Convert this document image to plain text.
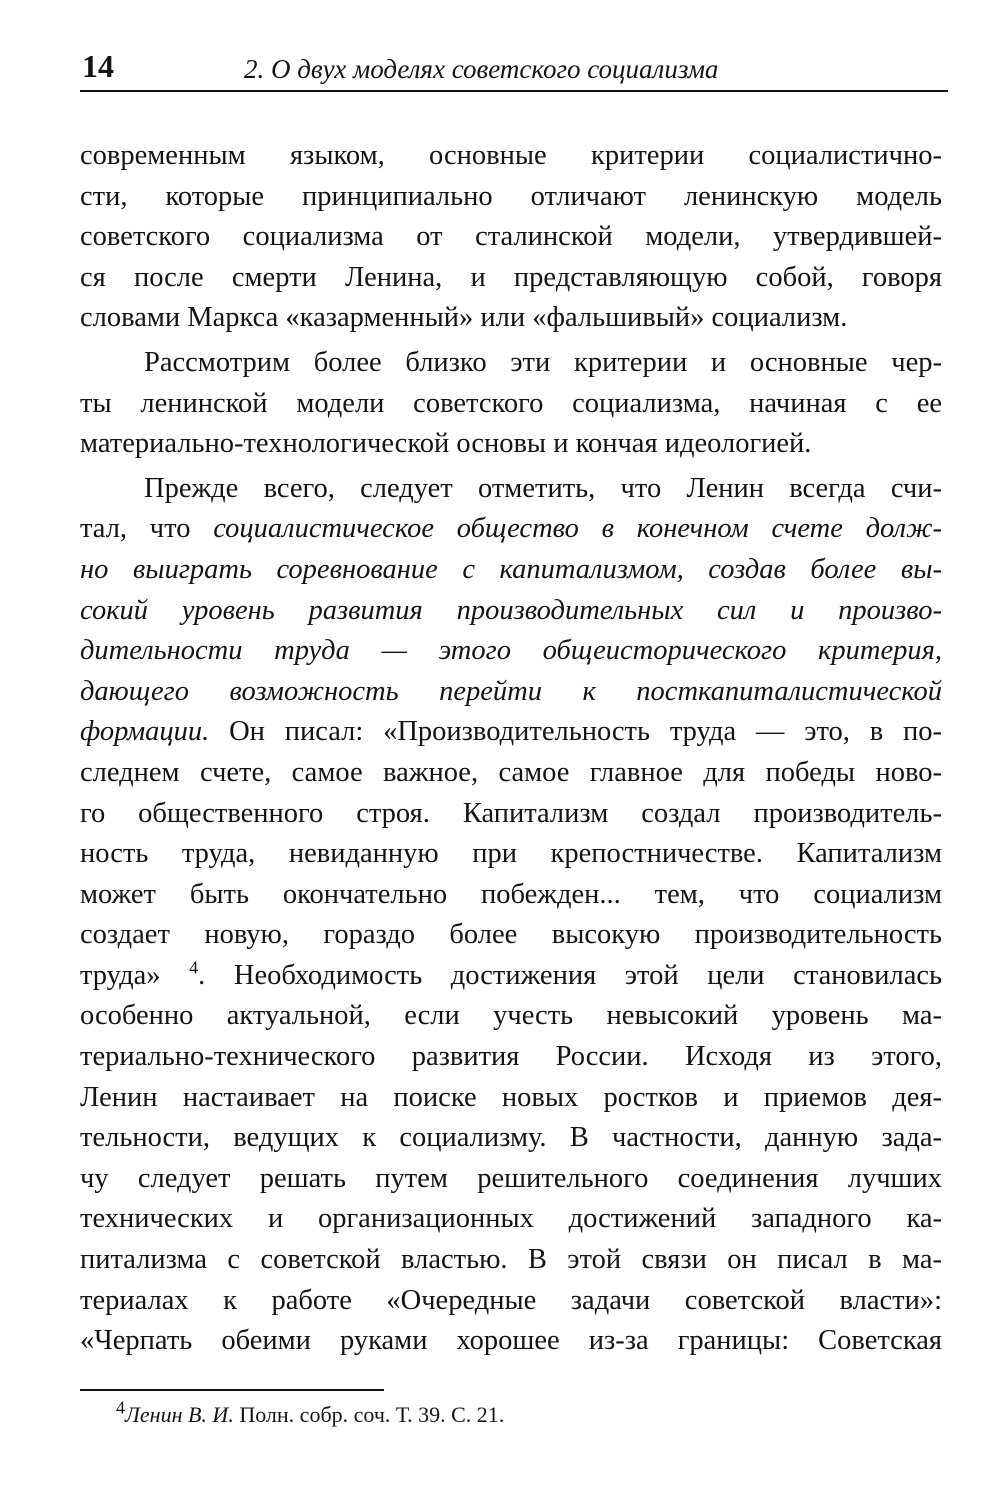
14	2. О двух моделях советского социализма
современным языком, основные критерии социалистично-
сти, которые принципиально отличают ленинскую модель
советского социализма от сталинской модели, утвердившей-
ся после смерти Ленина, и представляющую собой, говоря
словами Маркса «казарменный» или «фальшивый» социализм.
Рассмотрим более близко эти критерии и основные чер-
ты ленинской модели советского социализма, начиная с ее
материально-технологической основы и кончая идеологией.
Прежде всего, следует отметить, что Ленин всегда счи-
тал, что социалистическое общество в конечном счете долж-
но выиграть соревнование с капитализмом, создав более вы-
сокий уровень развития производительных сил и произво-
дительности труда — этого общеисторического критерия,
дающего возможность перейти к посткапиталистической
формации. Он писал: «Производительность труда — это, в по-
следнем счете, самое важное, самое главное для победы ново-
го общественного строя. Капитализм создал производитель-
ность труда, невиданную при крепостничестве. Капитализм
может быть окончательно побежден... тем, что социализм
создает новую, гораздо более высокую производительность
труда» $^4$. Необходимость достижения этой цели становилась
особенно актуальной, если учесть невысокий уровень ма-
териально-технического развития России. Исходя из этого,
Ленин настаивает на поиске новых ростков и приемов дея-
тельности, ведущих к социализму. В частности, данную зада-
чу следует решать путем решительного соединения лучших
технических и организационных достижений западного ка-
питализма с советской властью. В этой связи он писал в ма-
териалах к работе «Очередные задачи советской власти»:
«Черпать обеими руками хорошее из-за границы: Советская
$^4$Ленин В. И. Полн. собр. соч. Т. 39. С. 21.
